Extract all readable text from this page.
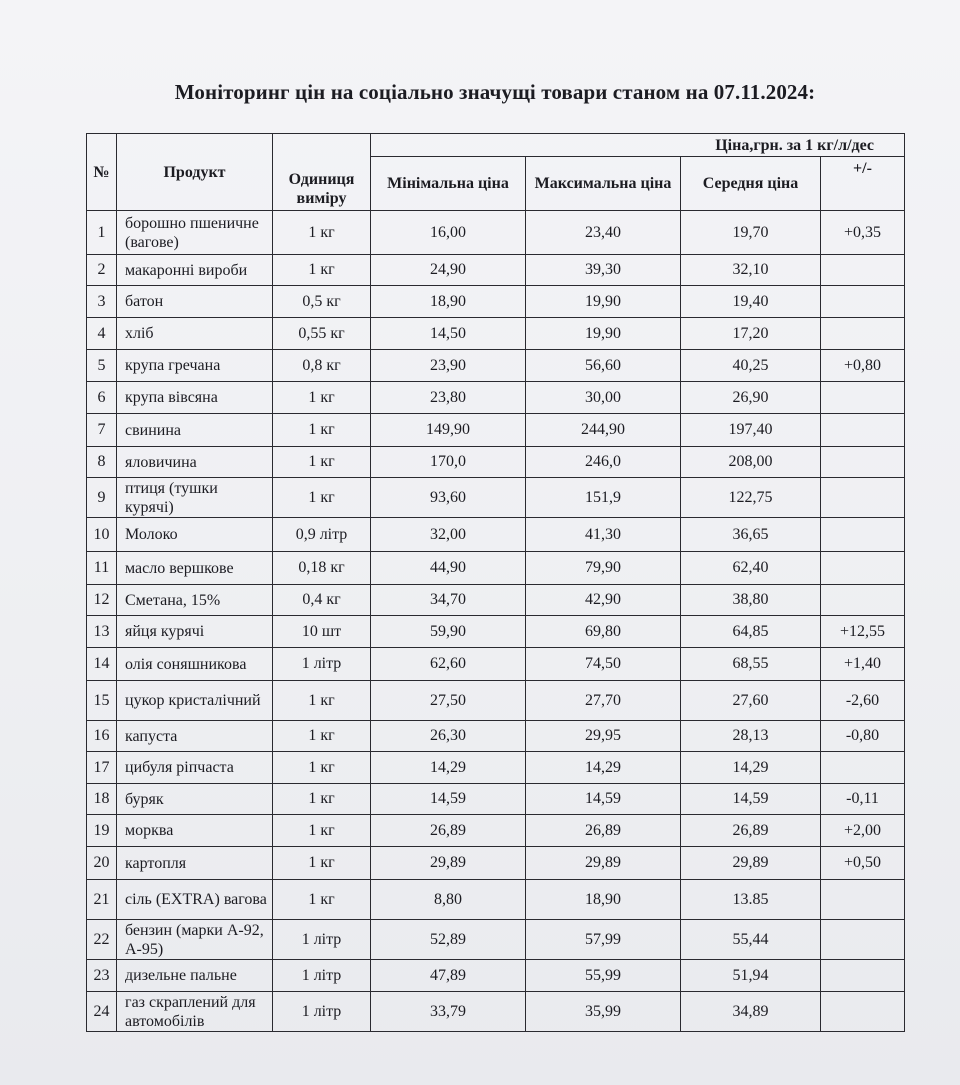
Моніторинг цін на соціально значущі товари станом на 07.11.2024:
№	Продукт	Одиниця виміру	Ціна,грн. за 1 кг/л/дес			
			Мінімальна ціна	Максимальна ціна	Середня ціна	+/-
1	борошно пшеничне (вагове)	1 кг	16,00	23,40	19,70	+0,35
2	макаронні вироби	1 кг	24,90	39,30	32,10	
3	батон	0,5 кг	18,90	19,90	19,40	
4	хліб	0,55 кг	14,50	19,90	17,20	
5	крупа гречана	0,8 кг	23,90	56,60	40,25	+0,80
6	крупа вівсяна	1 кг	23,80	30,00	26,90	
7	свинина	1 кг	149,90	244,90	197,40	
8	яловичина	1 кг	170,0	246,0	208,00	
9	птиця (тушки курячі)	1 кг	93,60	151,9	122,75	
10	Молоко	0,9 літр	32,00	41,30	36,65	
11	масло вершкове	0,18 кг	44,90	79,90	62,40	
12	Сметана, 15%	0,4 кг	34,70	42,90	38,80	
13	яйця курячі	10 шт	59,90	69,80	64,85	+12,55
14	олія соняшникова	1 літр	62,60	74,50	68,55	+1,40
15	цукор кристалічний	1 кг	27,50	27,70	27,60	-2,60
16	капуста	1 кг	26,30	29,95	28,13	-0,80
17	цибуля ріпчаста	1 кг	14,29	14,29	14,29	
18	буряк	1 кг	14,59	14,59	14,59	-0,11
19	морква	1 кг	26,89	26,89	26,89	+2,00
20	картопля	1 кг	29,89	29,89	29,89	+0,50
21	сіль (EXTRA) вагова	1 кг	8,80	18,90	13.85	
22	бензин (марки А-92, А-95)	1 літр	52,89	57,99	55,44	
23	дизельне пальне	1 літр	47,89	55,99	51,94	
24	газ скраплений для автомобілів	1 літр	33,79	35,99	34,89	
